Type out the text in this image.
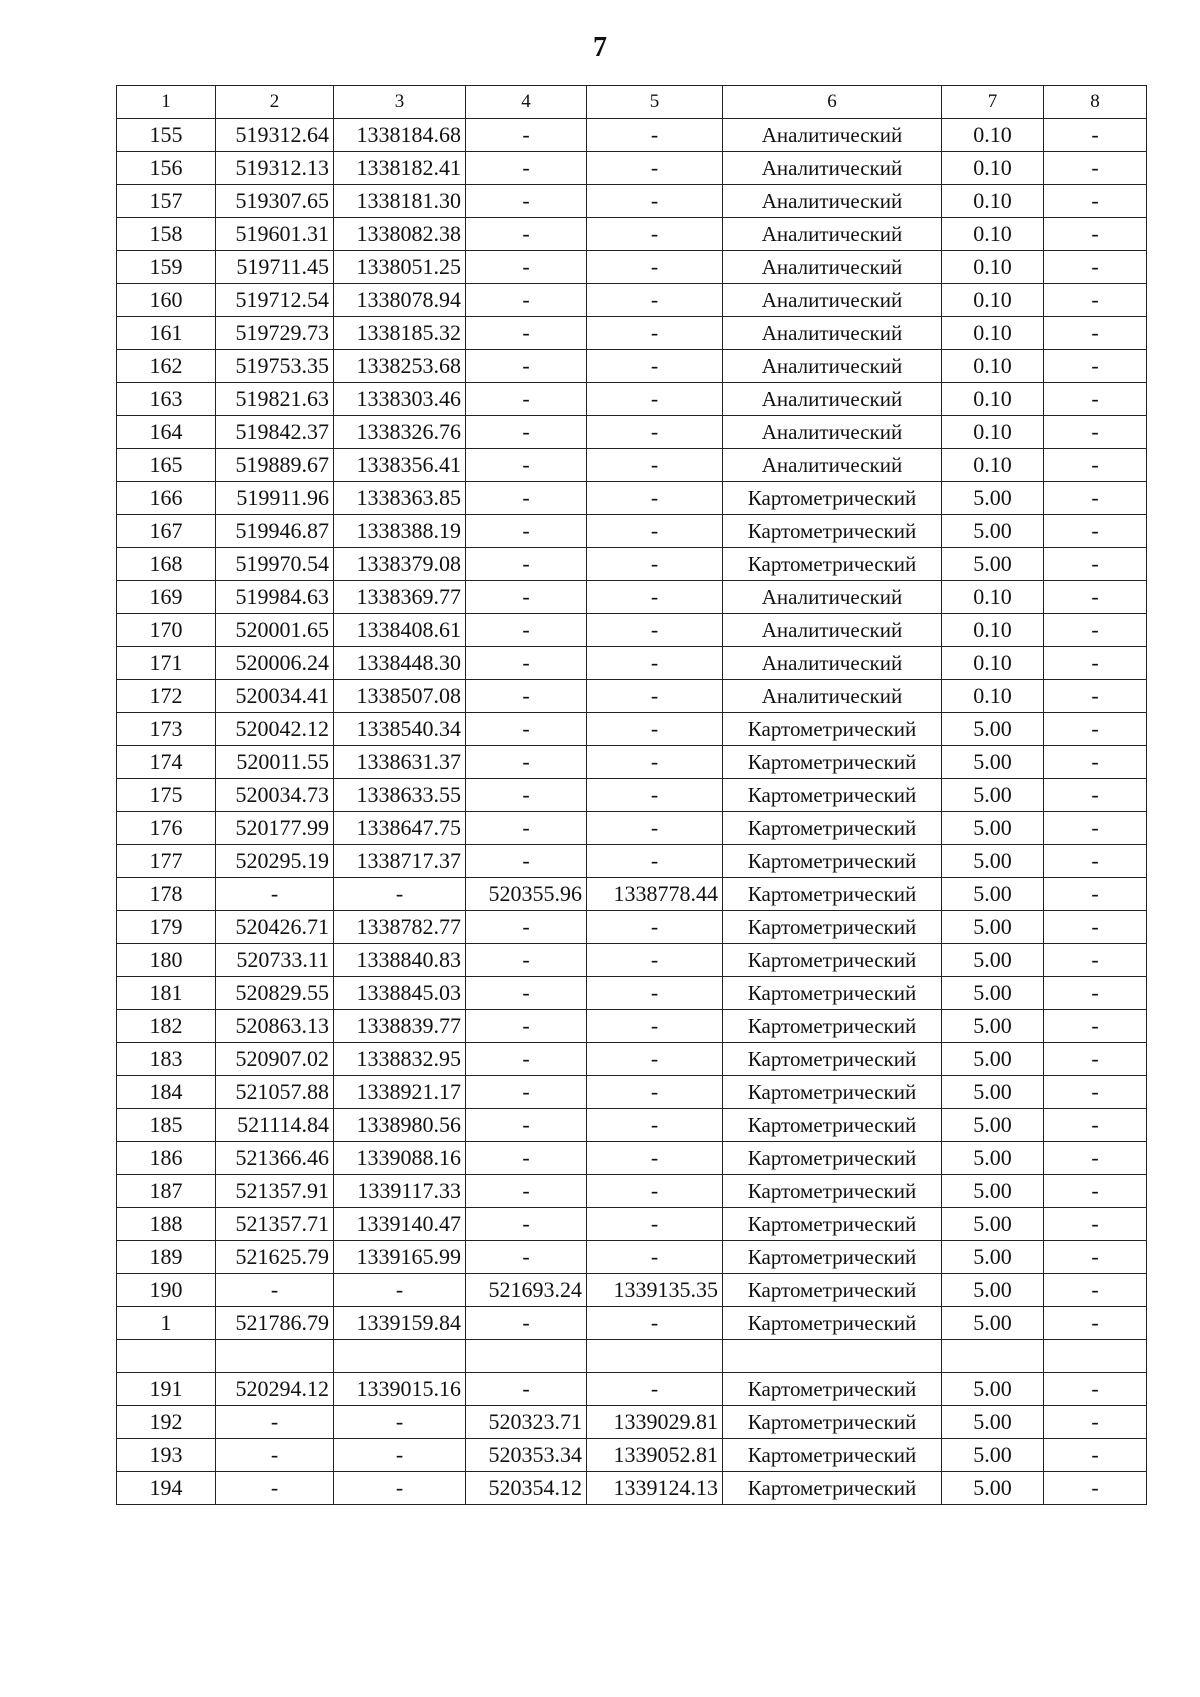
7
1	2	3	4	5	6	7	8
155	519312.64	1338184.68	-	-	Аналитический	0.10	-
156	519312.13	1338182.41	-	-	Аналитический	0.10	-
157	519307.65	1338181.30	-	-	Аналитический	0.10	-
158	519601.31	1338082.38	-	-	Аналитический	0.10	-
159	519711.45	1338051.25	-	-	Аналитический	0.10	-
160	519712.54	1338078.94	-	-	Аналитический	0.10	-
161	519729.73	1338185.32	-	-	Аналитический	0.10	-
162	519753.35	1338253.68	-	-	Аналитический	0.10	-
163	519821.63	1338303.46	-	-	Аналитический	0.10	-
164	519842.37	1338326.76	-	-	Аналитический	0.10	-
165	519889.67	1338356.41	-	-	Аналитический	0.10	-
166	519911.96	1338363.85	-	-	Картометрический	5.00	-
167	519946.87	1338388.19	-	-	Картометрический	5.00	-
168	519970.54	1338379.08	-	-	Картометрический	5.00	-
169	519984.63	1338369.77	-	-	Аналитический	0.10	-
170	520001.65	1338408.61	-	-	Аналитический	0.10	-
171	520006.24	1338448.30	-	-	Аналитический	0.10	-
172	520034.41	1338507.08	-	-	Аналитический	0.10	-
173	520042.12	1338540.34	-	-	Картометрический	5.00	-
174	520011.55	1338631.37	-	-	Картометрический	5.00	-
175	520034.73	1338633.55	-	-	Картометрический	5.00	-
176	520177.99	1338647.75	-	-	Картометрический	5.00	-
177	520295.19	1338717.37	-	-	Картометрический	5.00	-
178	-	-	520355.96	1338778.44	Картометрический	5.00	-
179	520426.71	1338782.77	-	-	Картометрический	5.00	-
180	520733.11	1338840.83	-	-	Картометрический	5.00	-
181	520829.55	1338845.03	-	-	Картометрический	5.00	-
182	520863.13	1338839.77	-	-	Картометрический	5.00	-
183	520907.02	1338832.95	-	-	Картометрический	5.00	-
184	521057.88	1338921.17	-	-	Картометрический	5.00	-
185	521114.84	1338980.56	-	-	Картометрический	5.00	-
186	521366.46	1339088.16	-	-	Картометрический	5.00	-
187	521357.91	1339117.33	-	-	Картометрический	5.00	-
188	521357.71	1339140.47	-	-	Картометрический	5.00	-
189	521625.79	1339165.99	-	-	Картометрический	5.00	-
190	-	-	521693.24	1339135.35	Картометрический	5.00	-
1	521786.79	1339159.84	-	-	Картометрический	5.00	-

191	520294.12	1339015.16	-	-	Картометрический	5.00	-
192	-	-	520323.71	1339029.81	Картометрический	5.00	-
193	-	-	520353.34	1339052.81	Картометрический	5.00	-
194	-	-	520354.12	1339124.13	Картометрический	5.00	-
